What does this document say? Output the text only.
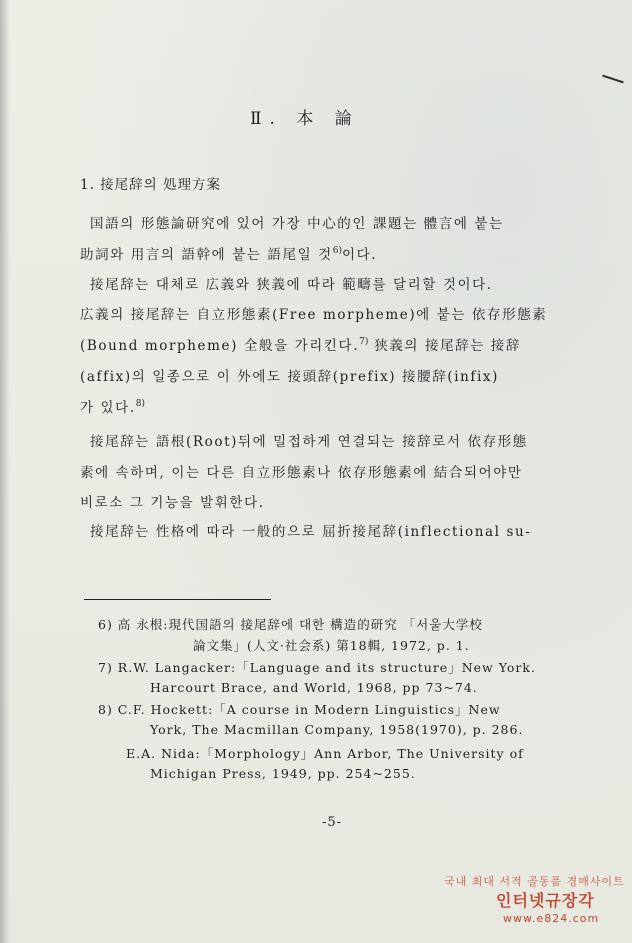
Ⅱ. 本 論
1. 接尾辞의 処理方案
国語의 形態論研究에 있어 가장 中心的인 課題는 體言에 붙는
助詞와 用言의 語幹에 붙는 語尾일 것$^{6)}$이다.
接尾辞는 대체로 広義와 狭義에 따라 範疇를 달리할 것이다.
広義의 接尾辞는 自立形態素(Free morpheme)에 붙는 依存形態素
(Bound morpheme) 全般을 가리킨다.$^{7)}$ 狭義의 接尾辞는 接辞
(affix)의 일종으로 이 外에도 接頭辞(prefix) 接腰辞(infix)
가 있다.$^{8)}$
接尾辞는 語根(Root)뒤에 밀접하게 연결되는 接辞로서 依存形態
素에 속하며, 이는 다른 自立形態素나 依存形態素에 結合되어야만
비로소 그 기능을 발휘한다.
接尾辞는 性格에 따라 一般的으로 屈折接尾辞(inflectional su-
6) 高 永根:現代国語의 接尾辞에 대한 構造的研究 「서울大学校
論文集」(人文·社会系) 第18輯, 1972, p. 1.
7) R.W. Langacker:「Language and its structure」New York.
Harcourt Brace, and World, 1968, pp 73~74.
8) C.F. Hockett:「A course in Modern Linguistics」New
York, The Macmillan Company, 1958(1970), p. 286.
E.A. Nida:「Morphology」Ann Arbor, The University of
Michigan Press, 1949, pp. 254~255.
-5-
국내 최대 서적 골동품 경매사이트
인터넷규장각
www.e824.com
